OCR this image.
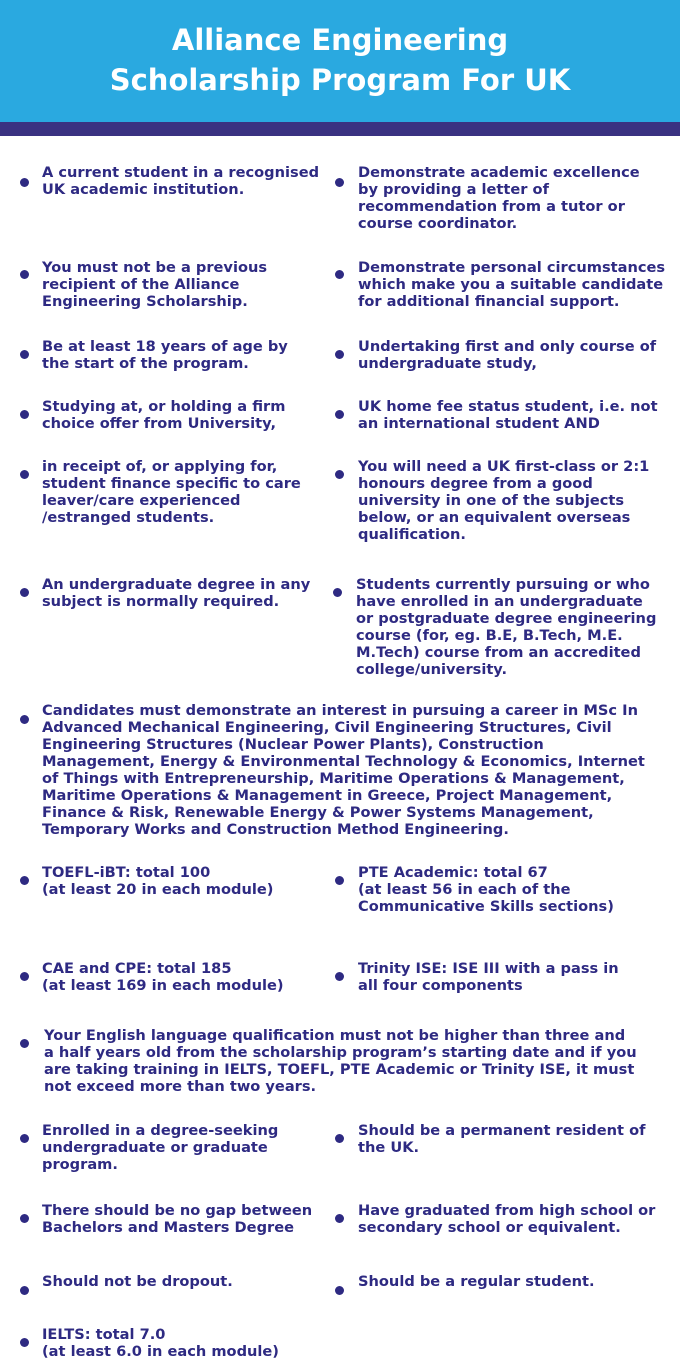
Alliance Engineering
Scholarship Program For UK
A current student in a recognised
UK academic institution.
Demonstrate academic excellence
by providing a letter of
recommendation from a tutor or
course coordinator.
You must not be a previous
recipient of the Alliance
Engineering Scholarship.
Demonstrate personal circumstances
which make you a suitable candidate
for additional financial support.
Be at least 18 years of age by
the start of the program.
Undertaking first and only course of
undergraduate study,
Studying at, or holding a firm
choice offer from University,
UK home fee status student, i.e. not
an international student AND
in receipt of, or applying for,
student finance specific to care
leaver/care experienced
/estranged students.
You will need a UK first-class or 2:1
honours degree from a good
university in one of the subjects
below, or an equivalent overseas
qualification.
An undergraduate degree in any
subject is normally required.
Students currently pursuing or who
have enrolled in an undergraduate
or postgraduate degree engineering
course (for, eg. B.E, B.Tech, M.E.
M.Tech) course from an accredited
college/university.
Candidates must demonstrate an interest in pursuing a career in MSc In
Advanced Mechanical Engineering, Civil Engineering Structures, Civil
Engineering Structures (Nuclear Power Plants), Construction
Management, Energy & Environmental Technology & Economics, Internet
of Things with Entrepreneurship, Maritime Operations & Management,
Maritime Operations & Management in Greece, Project Management,
Finance & Risk, Renewable Energy & Power Systems Management,
Temporary Works and Construction Method Engineering.
TOEFL-iBT: total 100
(at least 20 in each module)
PTE Academic: total 67
(at least 56 in each of the
Communicative Skills sections)
CAE and CPE: total 185
(at least 169 in each module)
Trinity ISE: ISE III with a pass in
all four components
Your English language qualification must not be higher than three and
a half years old from the scholarship program’s starting date and if you
are taking training in IELTS, TOEFL, PTE Academic or Trinity ISE, it must
not exceed more than two years.
Enrolled in a degree-seeking
undergraduate or graduate
program.
Should be a permanent resident of
the UK.
There should be no gap between
Bachelors and Masters Degree
Have graduated from high school or
secondary school or equivalent.
Should not be dropout.	Should be a regular student.
IELTS: total 7.0
(at least 6.0 in each module)
